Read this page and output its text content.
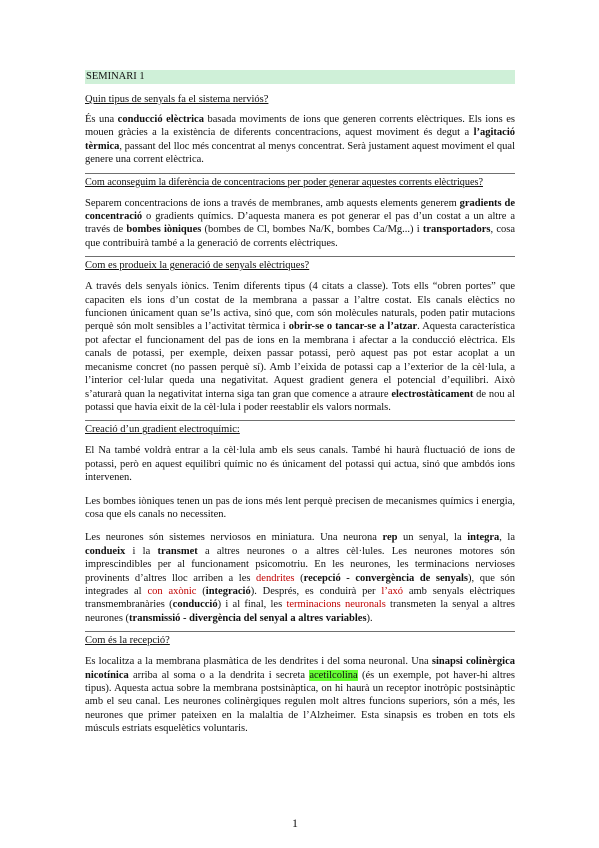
SEMINARI 1
Quin tipus de senyals fa el sistema nerviós?
És una conducció elèctrica basada moviments de ions que generen corrents elèctriques. Els ions es mouen gràcies a la existència de diferents concentracions, aquest moviment és degut a l’agitació tèrmica, passant del lloc més concentrat al menys concentrat. Serà justament aquest moviment el qual genere una corrent elèctrica.
Com aconseguim la diferència de concentracions per poder generar aquestes corrents elèctriques?
Separem concentracions de ions a través de membranes, amb aquests elements generem gradients de concentració o gradients químics. D’aquesta manera es pot generar el pas d’un costat a un altre a través de bombes iòniques (bombes de Cl, bombes Na/K, bombes Ca/Mg...) i transportadors, cosa que contribuirà també a la generació de corrents elèctriques.
Com es produeix la generació de senyals elèctriques?
A través dels senyals iònics. Tenim diferents tipus (4 citats a classe). Tots ells “obren portes” que capaciten els ions d’un costat de la membrana a passar a l’altre costat. Els canals elèctics no funcionen únicament quan se’ls activa, sinó que, com són molècules naturals, poden patir mutacions perquè són molt sensibles a l’activitat tèrmica i obrir-se o tancar-se a l’atzar. Aquesta característica pot afectar el funcionament del pas de ions en la membrana i afectar a la conducció elèctrica. Els canals de potassi, per exemple, deixen passar potassi, però aquest pas pot estar acoplat a un mecanisme concret (no passen perquè sí). Amb l’eixida de potassi cap a l’exterior de la cèl·lula, a l’interior cel·lular queda una negativitat. Aquest gradient genera el potencial d’equilibri. Això s’aturarà quan la negativitat interna siga tan gran que comence a atraure electrostàticament de nou al potassi que havia eixit de la cèl·lula i poder reestablir els valors normals.
Creació d’un gradient electroquímic:
El Na també voldrà entrar a la cèl·lula amb els seus canals. També hi haurà fluctuació de ions de potassi, però en aquest equilibri químic no és únicament del potassi qui actua, sinó que ambdós ions intervenen.
Les bombes iòniques tenen un pas de ions més lent perquè precisen de mecanismes químics i energia, cosa que els canals no necessiten.
Les neurones són sistemes nerviosos en miniatura. Una neurona rep un senyal, la integra, la condueix i la transmet a altres neurones o a altres cèl·lules. Les neurones motores són imprescindibles per al funcionament psicomotriu. En les neurones, les terminacions nervioses provinents d’altres lloc arriben a les dendrites (recepció - convergència de senyals), que són integrades al con axònic (integració). Després, es conduirà per l’axó amb senyals elèctriques transmembranàries (conducció) i al final, les terminacions neuronals transmeten la senyal a altres neurones (transmissió - divergència del senyal a altres variables).
Com és la recepció?
Es localitza a la membrana plasmàtica de les dendrites i del soma neuronal. Una sinapsi colinèrgica nicotínica arriba al soma o a la dendrita i secreta acetilcolina (és un exemple, pot haver-hi altres tipus). Aquesta actua sobre la membrana postsinàptica, on hi haurà un receptor inotròpic postsinàptic amb el seu canal. Les neurones colinèrgiques regulen molt altres funcions superiors, són a més, les neurones que primer pateixen en la malaltia de l’Alzheimer. Esta sinapsis es troben en tots els músculs estriats esquelètics voluntaris.
1
